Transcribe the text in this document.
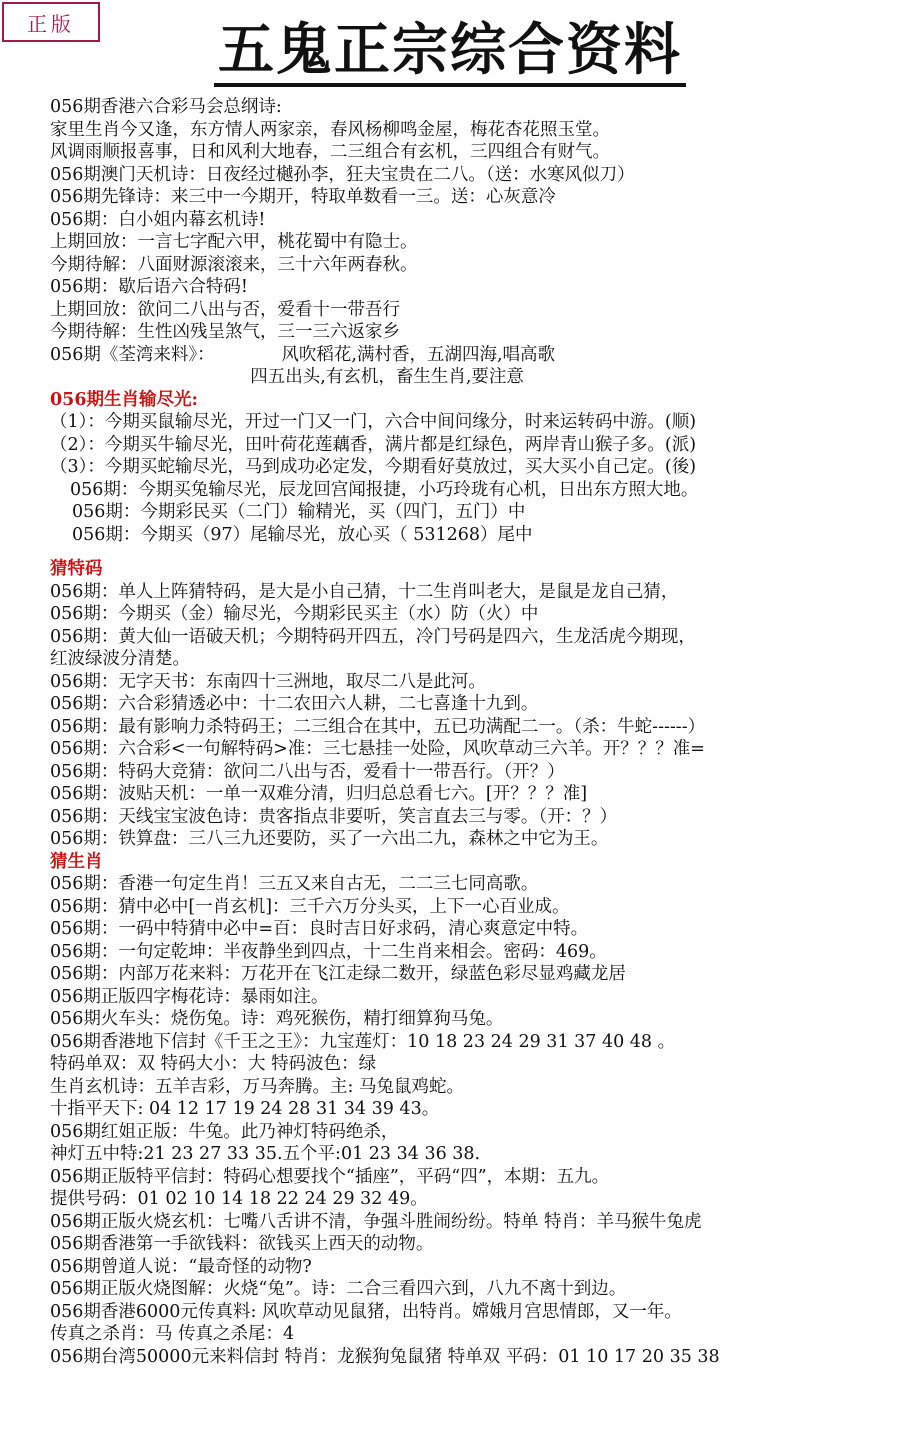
正版	五鬼正宗综合资料
056期香港六合彩马会总纲诗:
家里生肖今又逢，东方情人两家亲，春风杨柳鸣金屋，梅花杏花照玉堂。
风调雨顺报喜事，日和风利大地春，二三组合有玄机，三四组合有财气。
056期澳门天机诗：日夜经过樾孙李，狂夫宝贵在二八。（送：水寒风似刀）
056期先锋诗：来三中一今期开，特取单数看一三。送：心灰意冷
056期：白小姐内幕玄机诗!
上期回放：一言七字配六甲，桃花蜀中有隐士。
今期待解：八面财源滚滚来，三十六年两春秋。
056期：歇后语六合特码!
上期回放：欲问二八出与否，爱看十一带吾行
今期待解：生性凶残呈煞气，三一三六返家乡
056期《荃湾来料》：            风吹稻花,满村香，五湖四海,唱高歌
四五出头,有玄机，畜生生肖,要注意
056期生肖输尽光:
（1）：今期买鼠输尽光，开过一门又一门，六合中间问缘分，时来运转码中游。(顺)
（2）：今期买牛输尽光，田叶荷花莲藕香，满片都是红绿色，两岸青山猴子多。(派)
（3）：今期买蛇输尽光，马到成功必定发，今期看好莫放过，买大买小自己定。(後)
056期：今期买兔输尽光，辰龙回宫闻报捷，小巧玲珑有心机，日出东方照大地。
056期：今期彩民买（二门）输精光，买（四门，五门）中
056期：今期买（97）尾输尽光，放心买（ 531268）尾中
猜特码
056期：单人上阵猜特码，是大是小自己猜，十二生肖叫老大，是鼠是龙自己猜，
056期：今期买（金）输尽光，今期彩民买主（水）防（火）中
056期：黄大仙一语破天机；今期特码开四五，冷门号码是四六，生龙活虎今期现，
红波绿波分清楚。
056期：无字天书：东南四十三洲地，取尽二八是此河。
056期：六合彩猜透必中：十二农田六人耕，二七喜逢十九到。
056期：最有影响力杀特码王；二三组合在其中，五已功满配二一。（杀：牛蛇------）
056期：六合彩<一句解特码>准：三七悬挂一处险，风吹草动三六羊。开？？？准=
056期：特码大竞猜：欲问二八出与否，爱看十一带吾行。（开？）
056期：波贴天机：一单一双难分清，归归总总看七六。[开？？？准]
056期：天线宝宝波色诗：贵客指点非要听，笑言直去三与零。（开：？）
056期：铁算盘：三八三九还要防，买了一六出二九，森林之中它为王。
猜生肖
056期：香港一句定生肖！三五又来自古无，二二三七同高歌。
056期：猜中必中[一肖玄机]：三千六万分头买，上下一心百业成。
056期：一码中特猜中必中=百：良时吉日好求码，清心爽意定中特。
056期：一句定乾坤：半夜静坐到四点，十二生肖来相会。密码：469。
056期：内部万花来料：万花开在飞江走绿二数开，绿蓝色彩尽显鸡藏龙居
056期正版四字梅花诗：暴雨如注。
056期火车头：烧伤兔。诗：鸡死猴伤，精打细算狗马兔。
056期香港地下信封《千王之王》：九宝莲灯：10 18 23 24 29 31 37 40 48 。
特码单双：双 特码大小：大 特码波色：绿
生肖玄机诗：五羊吉彩，万马奔腾。主: 马兔鼠鸡蛇。
十指平天下: 04 12 17 19 24 28 31 34 39 43。
056期红姐正版：牛兔。此乃神灯特码绝杀，
神灯五中特:21 23 27 33 35.五个平:01 23 34 36 38.
056期正版特平信封：特码心想要找个“插座”，平码“四”，本期：五九。
提供号码：01 02 10 14 18 22 24 29 32 49。
056期正版火烧玄机：七嘴八舌讲不清，争强斗胜闹纷纷。特单 特肖：羊马猴牛兔虎
056期香港第一手欲钱料：欲钱买上西天的动物。
056期曾道人说：“最奇怪的动物?
056期正版火烧图解：火烧“兔”。诗：二合三看四六到，八九不离十到边。
056期香港6000元传真料: 风吹草动见鼠猪，出特肖。嫦娥月宫思情郎，又一年。
传真之杀肖：马 传真之杀尾：4
056期台湾50000元来料信封 特肖：龙猴狗兔鼠猪 特单双 平码：01 10 17 20 35 38
